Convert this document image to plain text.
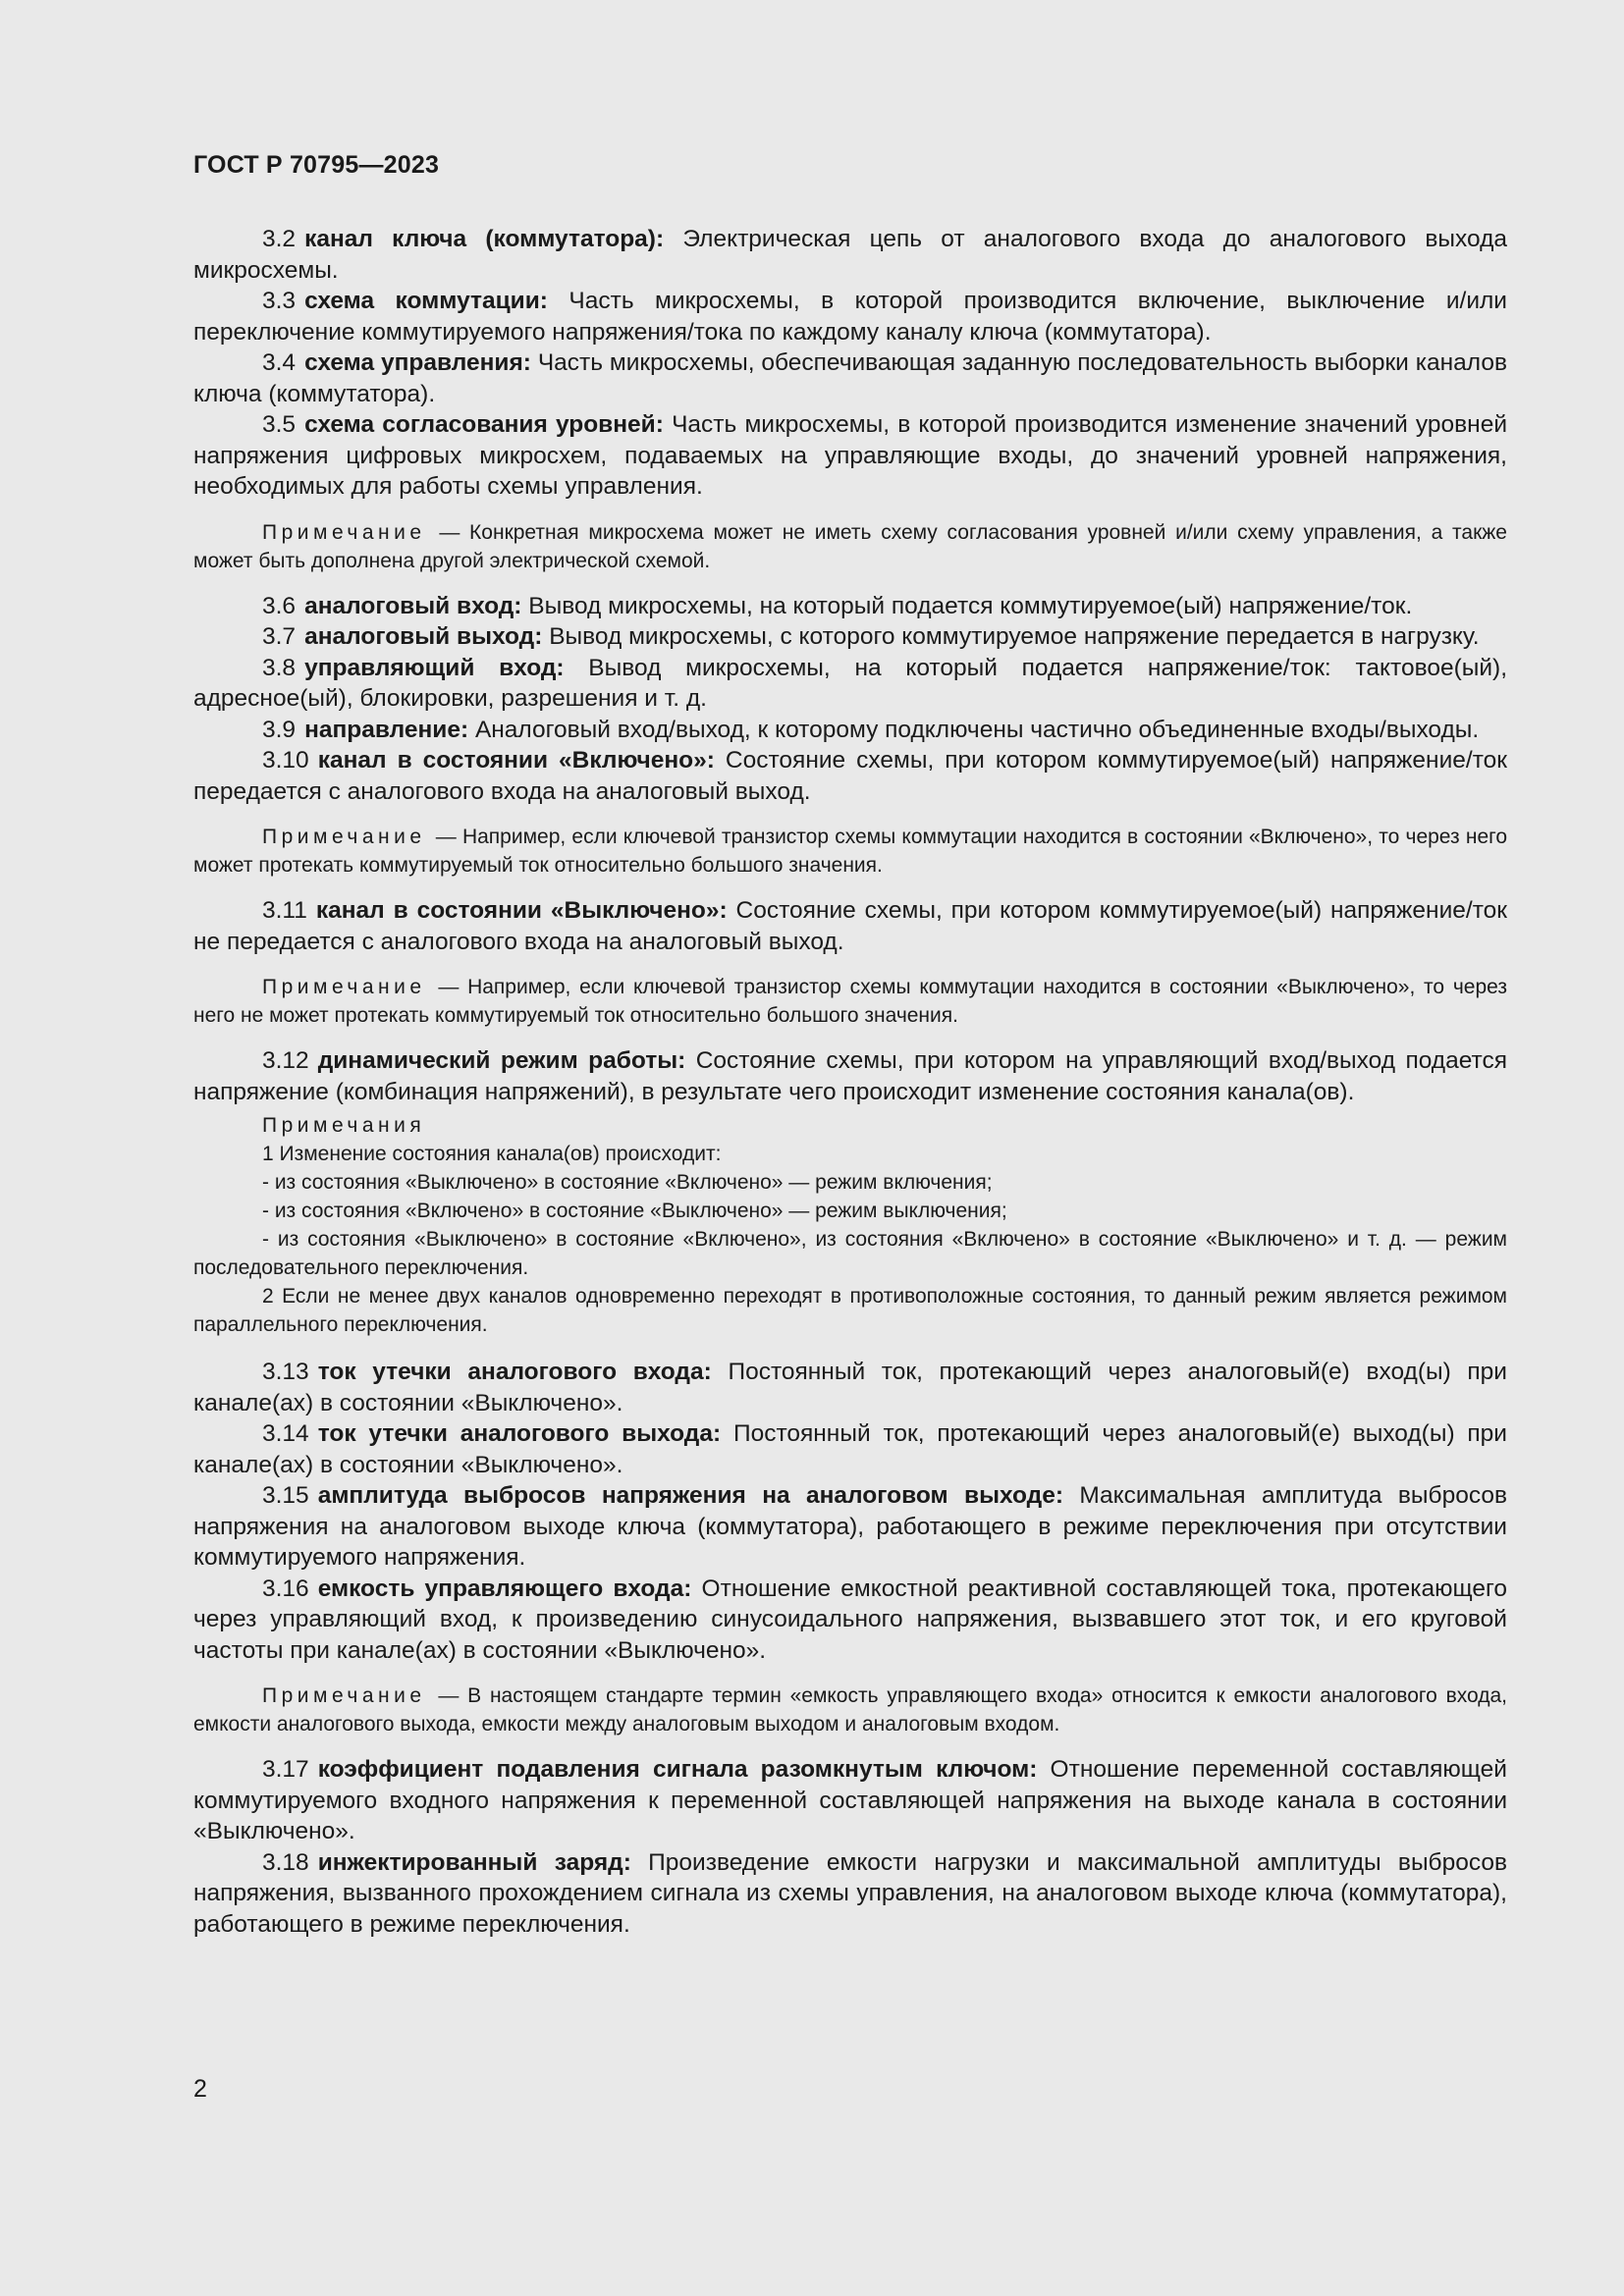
ГОСТ Р 70795—2023

3.2 канал ключа (коммутатора): Электрическая цепь от аналогового входа до аналогового выхода микросхемы.

3.3 схема коммутации: Часть микросхемы, в которой производится включение, выключение и/или переключение коммутируемого напряжения/тока по каждому каналу ключа (коммутатора).

3.4 схема управления: Часть микросхемы, обеспечивающая заданную последовательность выборки каналов ключа (коммутатора).

3.5 схема согласования уровней: Часть микросхемы, в которой производится изменение значений уровней напряжения цифровых микросхем, подаваемых на управляющие входы, до значений уровней напряжения, необходимых для работы схемы управления.

Примечание — Конкретная микросхема может не иметь схему согласования уровней и/или схему управления, а также может быть дополнена другой электрической схемой.

3.6 аналоговый вход: Вывод микросхемы, на который подается коммутируемое(ый) напряжение/ток.

3.7 аналоговый выход: Вывод микросхемы, с которого коммутируемое напряжение передается в нагрузку.

3.8 управляющий вход: Вывод микросхемы, на который подается напряжение/ток: тактовое(ый), адресное(ый), блокировки, разрешения и т. д.

3.9 направление: Аналоговый вход/выход, к которому подключены частично объединенные входы/выходы.

3.10 канал в состоянии «Включено»: Состояние схемы, при котором коммутируемое(ый) напряжение/ток передается с аналогового входа на аналоговый выход.

Примечание — Например, если ключевой транзистор схемы коммутации находится в состоянии «Включено», то через него может протекать коммутируемый ток относительно большого значения.

3.11 канал в состоянии «Выключено»: Состояние схемы, при котором коммутируемое(ый) напряжение/ток не передается с аналогового входа на аналоговый выход.

Примечание — Например, если ключевой транзистор схемы коммутации находится в состоянии «Выключено», то через него не может протекать коммутируемый ток относительно большого значения.

3.12 динамический режим работы: Состояние схемы, при котором на управляющий вход/выход подается напряжение (комбинация напряжений), в результате чего происходит изменение состояния канала(ов).

Примечания

1 Изменение состояния канала(ов) происходит:

- из состояния «Выключено» в состояние «Включено» — режим включения;

- из состояния «Включено» в состояние «Выключено» — режим выключения;

- из состояния «Выключено» в состояние «Включено», из состояния «Включено» в состояние «Выключено» и т. д. — режим последовательного переключения.

2 Если не менее двух каналов одновременно переходят в противоположные состояния, то данный режим является режимом параллельного переключения.

3.13 ток утечки аналогового входа: Постоянный ток, протекающий через аналоговый(е) вход(ы) при канале(ах) в состоянии «Выключено».

3.14 ток утечки аналогового выхода: Постоянный ток, протекающий через аналоговый(е) выход(ы) при канале(ах) в состоянии «Выключено».

3.15 амплитуда выбросов напряжения на аналоговом выходе: Максимальная амплитуда выбросов напряжения на аналоговом выходе ключа (коммутатора), работающего в режиме переключения при отсутствии коммутируемого напряжения.

3.16 емкость управляющего входа: Отношение емкостной реактивной составляющей тока, протекающего через управляющий вход, к произведению синусоидального напряжения, вызвавшего этот ток, и его круговой частоты при канале(ах) в состоянии «Выключено».

Примечание — В настоящем стандарте термин «емкость управляющего входа» относится к емкости аналогового входа, емкости аналогового выхода, емкости между аналоговым выходом и аналоговым входом.

3.17 коэффициент подавления сигнала разомкнутым ключом: Отношение переменной составляющей коммутируемого входного напряжения к переменной составляющей напряжения на выходе канала в состоянии «Выключено».

3.18 инжектированный заряд: Произведение емкости нагрузки и максимальной амплитуды выбросов напряжения, вызванного прохождением сигнала из схемы управления, на аналоговом выходе ключа (коммутатора), работающего в режиме переключения.

2
